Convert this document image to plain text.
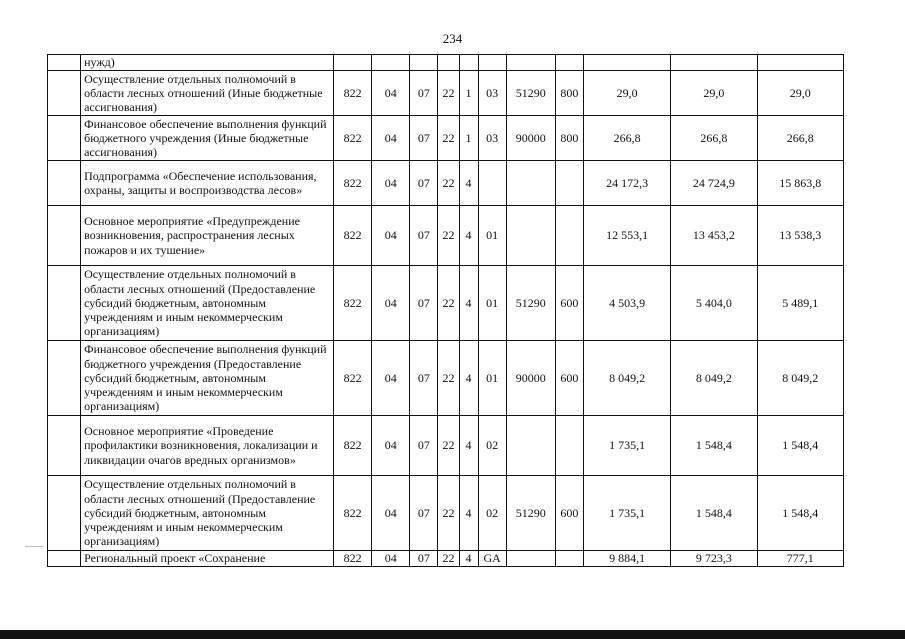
234
	нужд)											
	Осуществление отдельных полномочий в области лесных отношений (Иные бюджетные ассигнования)	822	04	07	22	1	03	51290	800	29,0	29,0	29,0
	Финансовое обеспечение выполнения функций бюджетного учреждения (Иные бюджетные ассигнования)	822	04	07	22	1	03	90000	800	266,8	266,8	266,8
	Подпрограмма «Обеспечение использования, охраны, защиты и воспроизводства лесов»	822	04	07	22	4				24 172,3	24 724,9	15 863,8
	Основное мероприятие «Предупреждение возникновения, распространения лесных пожаров и их тушение»	822	04	07	22	4	01			12 553,1	13 453,2	13 538,3
	Осуществление отдельных полномочий в области лесных отношений (Предоставление субсидий бюджетным, автономным учреждениям и иным некоммерческим организациям)	822	04	07	22	4	01	51290	600	4 503,9	5 404,0	5 489,1
	Финансовое обеспечение выполнения функций бюджетного учреждения (Предоставление субсидий бюджетным, автономным учреждениям и иным некоммерческим организациям)	822	04	07	22	4	01	90000	600	8 049,2	8 049,2	8 049,2
	Основное мероприятие «Проведение профилактики возникновения, локализации и ликвидации очагов вредных организмов»	822	04	07	22	4	02			1 735,1	1 548,4	1 548,4
	Осуществление отдельных полномочий в области лесных отношений (Предоставление субсидий бюджетным, автономным учреждениям и иным некоммерческим организациям)	822	04	07	22	4	02	51290	600	1 735,1	1 548,4	1 548,4
	Региональный проект «Сохранение	822	04	07	22	4	GA			9 884,1	9 723,3	777,1
